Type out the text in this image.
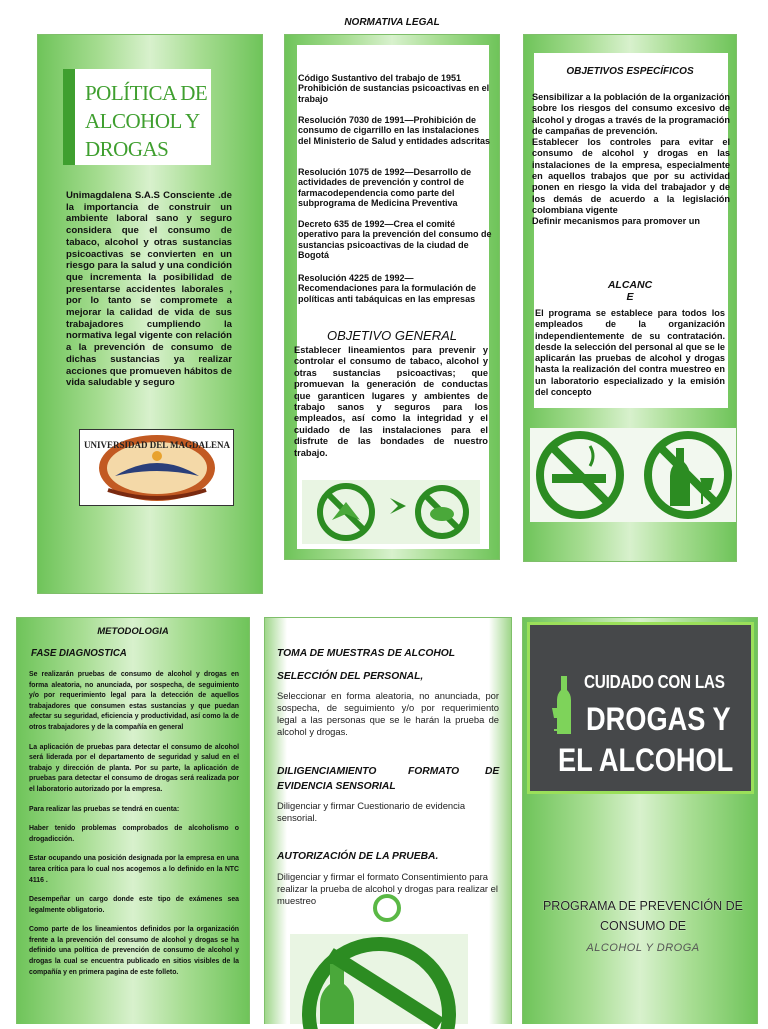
POLÍTICA DE
ALCOHOL Y
DROGAS

Unimagdalena S.A.S Consciente .de la importancia de construir un ambiente laboral sano y seguro considera que el consumo de tabaco, alcohol y otras sustancias psicoactivas se convierten en un riesgo para la salud y una condición que incrementa la posibilidad de presentarse accidentes laborales , por lo tanto se compromete a mejorar la calidad de vida de sus trabajadores cumpliendo la normativa legal vigente con relación a la prevención de consumo de dichas sustancias ya realizar acciones que promueven hábitos de vida saludable y seguro

UNIVERSIDAD DEL MAGDALENA
NORMATIVA LEGAL

Código Sustantivo del trabajo de 1951 Prohibición de sustancias psicoactivas en el trabajo

Resolución 7030 de 1991—Prohibición de consumo de cigarrillo en las instalaciones del Ministerio de Salud y entidades adscritas

Resolución 1075 de 1992—Desarrollo de actividades de prevención y control de farmacodependencia como parte del subprograma de Medicina Preventiva

Decreto 635 de 1992—Crea el comité operativo para la prevención del consumo de sustancias psicoactivas de la ciudad de Bogotá

Resolución 4225 de 1992— Recomendaciones para la formulación de políticas anti tabáquicas en las empresas

OBJETIVO GENERAL

Establecer lineamientos para prevenir y controlar el consumo de tabaco, alcohol y otras sustancias psicoactivas; que promuevan la generación de conductas que garanticen lugares y ambientes de trabajo sanos y seguros para los empleados, así como la integridad y el cuidado de las instalaciones para el disfrute de las bondades de nuestro trabajo.

OBJETIVOS ESPECÍFICOS

Sensibilizar a la población de la organización sobre los riesgos del consumo excesivo de alcohol y drogas a través de la programación de campañas de prevención.

Establecer los controles para evitar el consumo de alcohol y drogas en las instalaciones de la empresa, especialmente en aquellos trabajos que por su actividad ponen en riesgo la vida del trabajador y de los demás de acuerdo a la legislación colombiana vigente

Definir mecanismos para promover un

ALCANC
E

El programa se establece para todos los empleados de la organización independientemente de su contratación. desde la selección del personal al que se le aplicarán las pruebas de alcohol y drogas hasta la realización del contra muestreo en un laboratorio especializado y la emisión del concepto

METODOLOGIA
FASE DIAGNOSTICA

Se realizarán pruebas de consumo de alcohol y drogas en forma aleatoria, no anunciada, por sospecha, de seguimiento y/o por requerimiento legal para la detección de aquellos trabajadores que consumen estas sustancias y que puedan afectar su seguridad, eficiencia y productividad, así como la de otros trabajadores y de la compañía en general

La aplicación de pruebas para detectar el consumo de alcohol será liderada por el departamento de seguridad y salud en el trabajo y dirección de planta. Por su parte, la aplicación de pruebas para detectar el consumo de drogas será realizada por el laboratorio autorizado por la empresa.

Para realizar las pruebas se tendrá en cuenta:

Haber tenido problemas comprobados de alcoholismo o drogadicción.

Estar ocupando una posición designada por la empresa en una tarea crítica para lo cual nos acogemos a lo definido en la NTC 4116 .

Desempeñar un cargo donde este tipo de exámenes sea legalmente obligatorio.

Como parte de los lineamientos definidos por la organización frente a la prevención del consumo de alcohol y drogas se ha definido una política de prevención de consumo de alcohol y drogas la cual se encuentra publicado en sitios visibles de la compañía y en primera pagina de este folleto.

TOMA DE MUESTRAS DE ALCOHOL
SELECCIÓN DEL PERSONAL,

Seleccionar en forma aleatoria, no anunciada, por sospecha, de seguimiento y/o por requerimiento legal a las personas que se le harán la prueba de alcohol y drogas.

DILIGENCIAMIENTO	FORMATO	DE
EVIDENCIA SENSORIAL

Diligenciar y firmar Cuestionario de evidencia sensorial.

AUTORIZACIÓN DE LA PRUEBA.

Diligenciar y firmar el formato Consentimiento para realizar la prueba de alcohol y drogas para realizar el muestreo

CUIDADO CON LAS
DROGAS Y
EL ALCOHOL
PROGRAMA DE PREVENCIÓN DE CONSUMO DE
ALCOHOL Y DROGA
